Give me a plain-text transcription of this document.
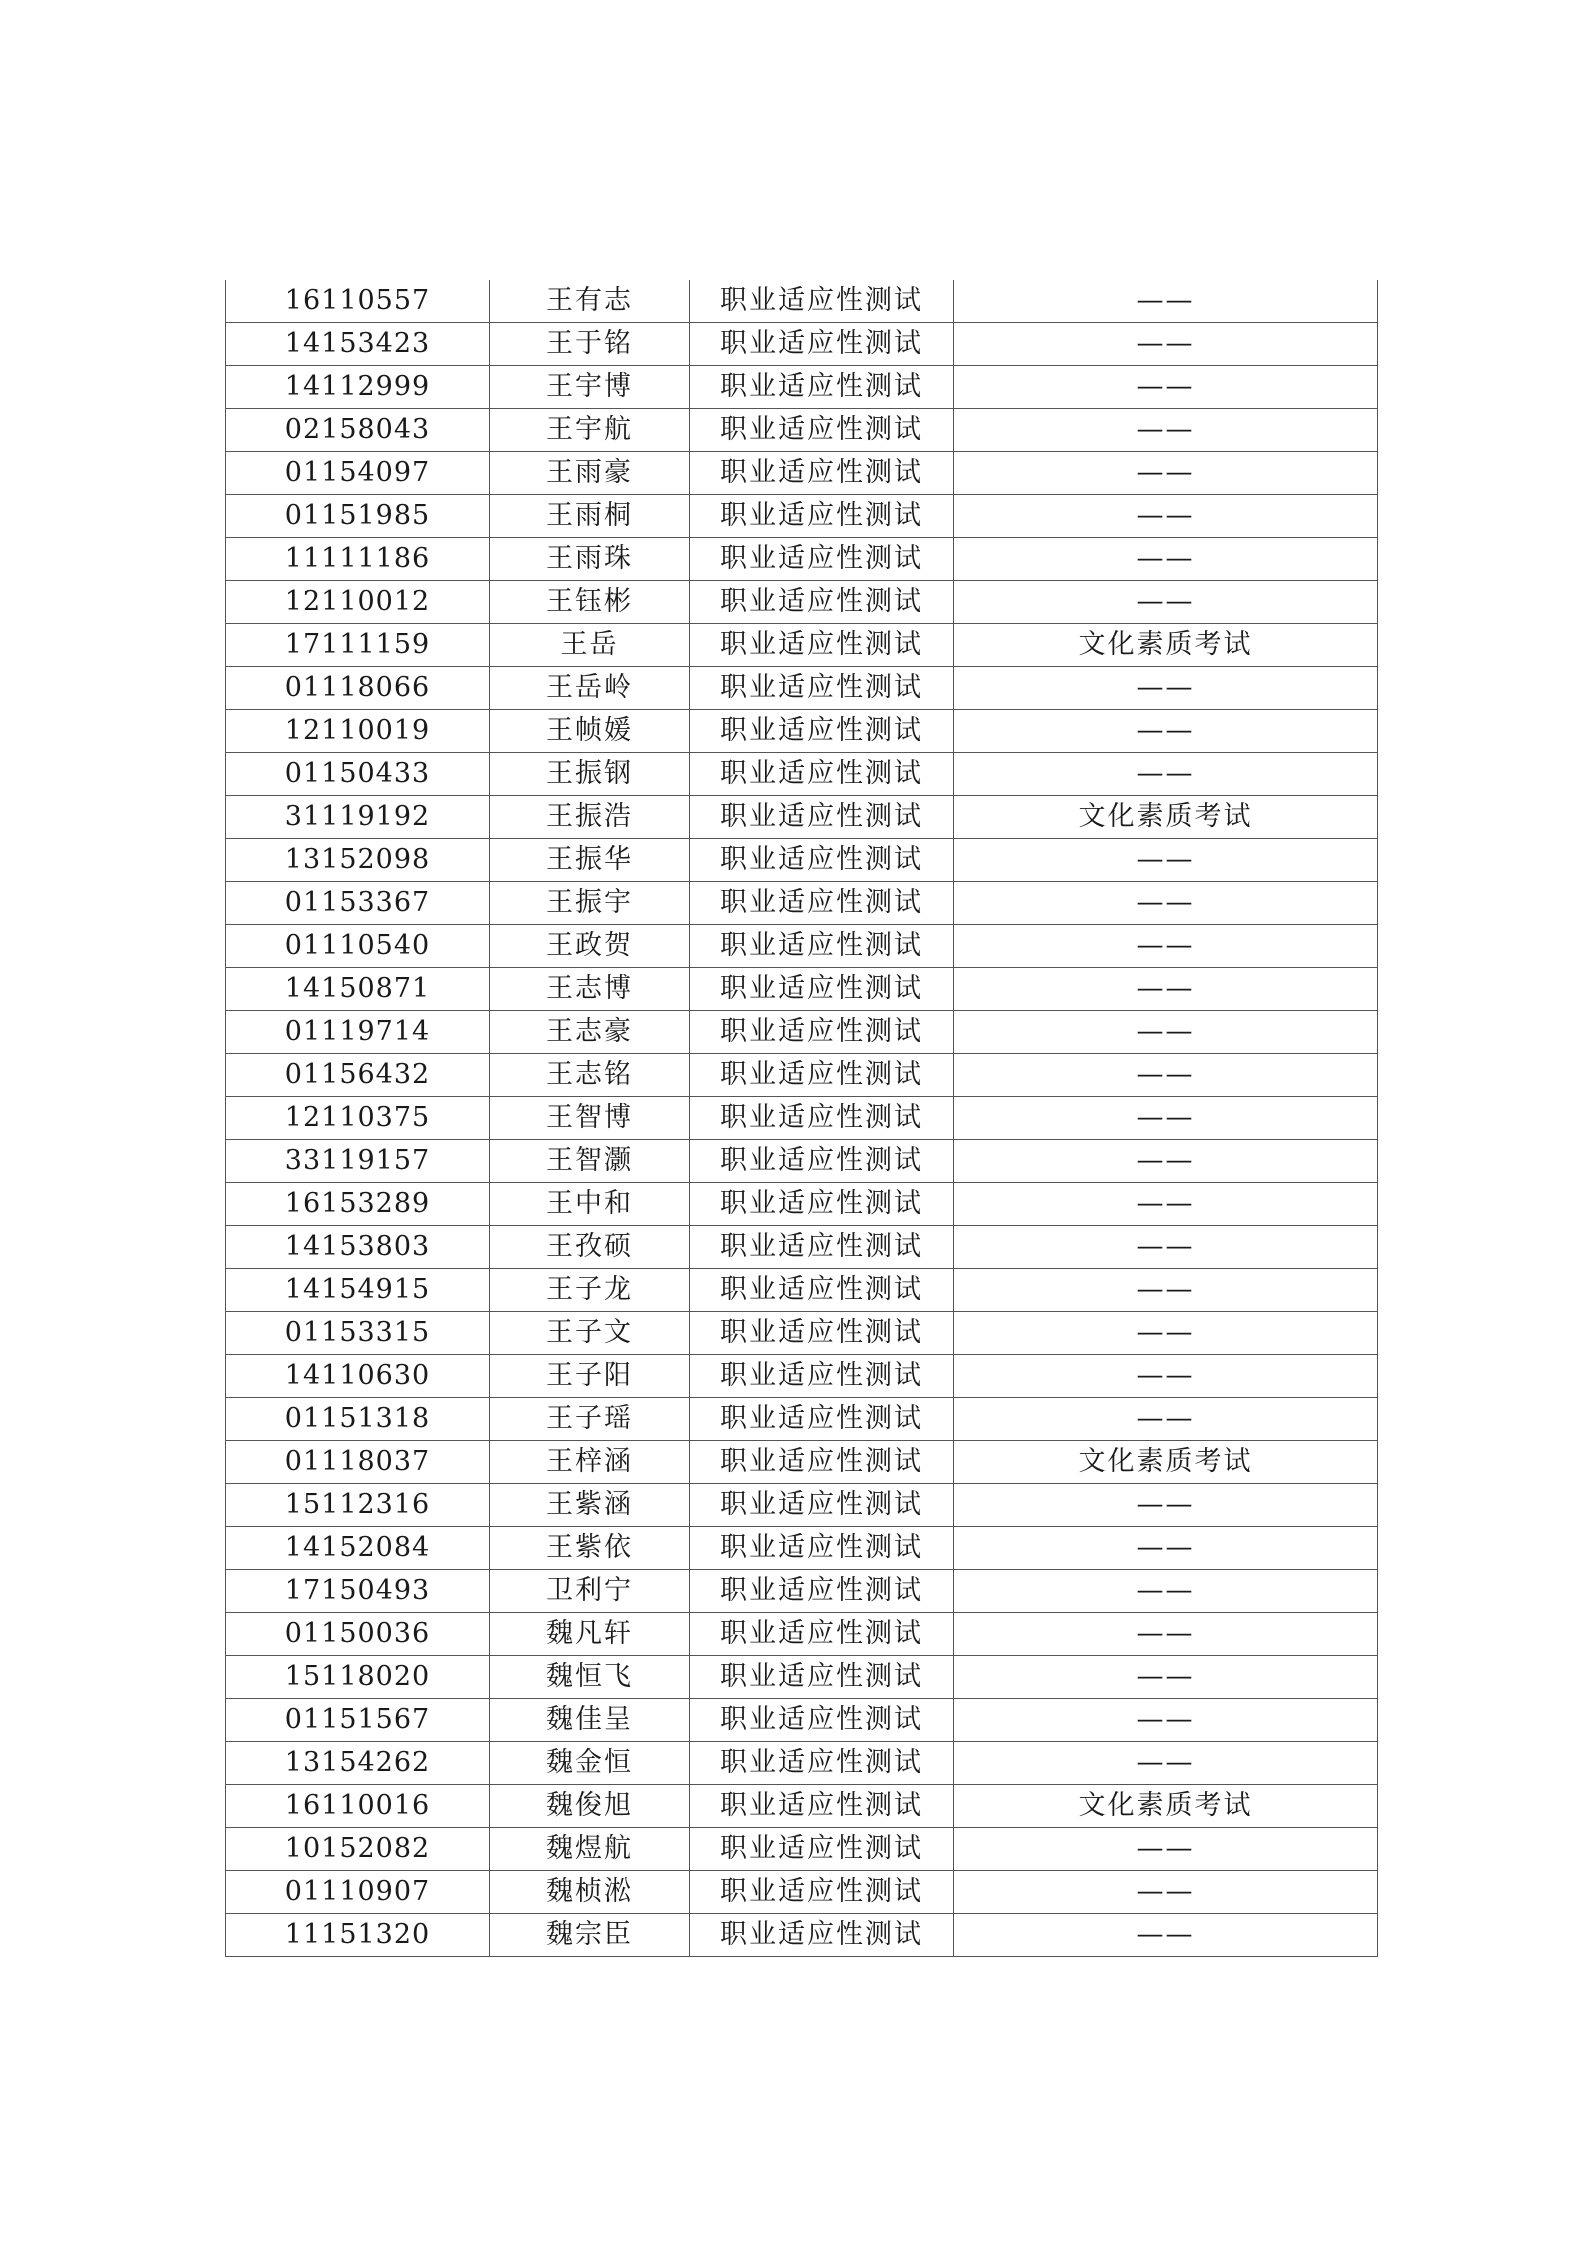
16110557	王有志	职业适应性测试	——
14153423	王于铭	职业适应性测试	——
14112999	王宇博	职业适应性测试	——
02158043	王宇航	职业适应性测试	——
01154097	王雨豪	职业适应性测试	——
01151985	王雨桐	职业适应性测试	——
11111186	王雨珠	职业适应性测试	——
12110012	王钰彬	职业适应性测试	——
17111159	王岳	职业适应性测试	文化素质考试
01118066	王岳岭	职业适应性测试	——
12110019	王帧媛	职业适应性测试	——
01150433	王振钢	职业适应性测试	——
31119192	王振浩	职业适应性测试	文化素质考试
13152098	王振华	职业适应性测试	——
01153367	王振宇	职业适应性测试	——
01110540	王政贺	职业适应性测试	——
14150871	王志博	职业适应性测试	——
01119714	王志豪	职业适应性测试	——
01156432	王志铭	职业适应性测试	——
12110375	王智博	职业适应性测试	——
33119157	王智灏	职业适应性测试	——
16153289	王中和	职业适应性测试	——
14153803	王孜硕	职业适应性测试	——
14154915	王子龙	职业适应性测试	——
01153315	王子文	职业适应性测试	——
14110630	王子阳	职业适应性测试	——
01151318	王子瑶	职业适应性测试	——
01118037	王梓涵	职业适应性测试	文化素质考试
15112316	王紫涵	职业适应性测试	——
14152084	王紫依	职业适应性测试	——
17150493	卫利宁	职业适应性测试	——
01150036	魏凡轩	职业适应性测试	——
15118020	魏恒飞	职业适应性测试	——
01151567	魏佳呈	职业适应性测试	——
13154262	魏金恒	职业适应性测试	——
16110016	魏俊旭	职业适应性测试	文化素质考试
10152082	魏煜航	职业适应性测试	——
01110907	魏桢淞	职业适应性测试	——
11151320	魏宗臣	职业适应性测试	——
